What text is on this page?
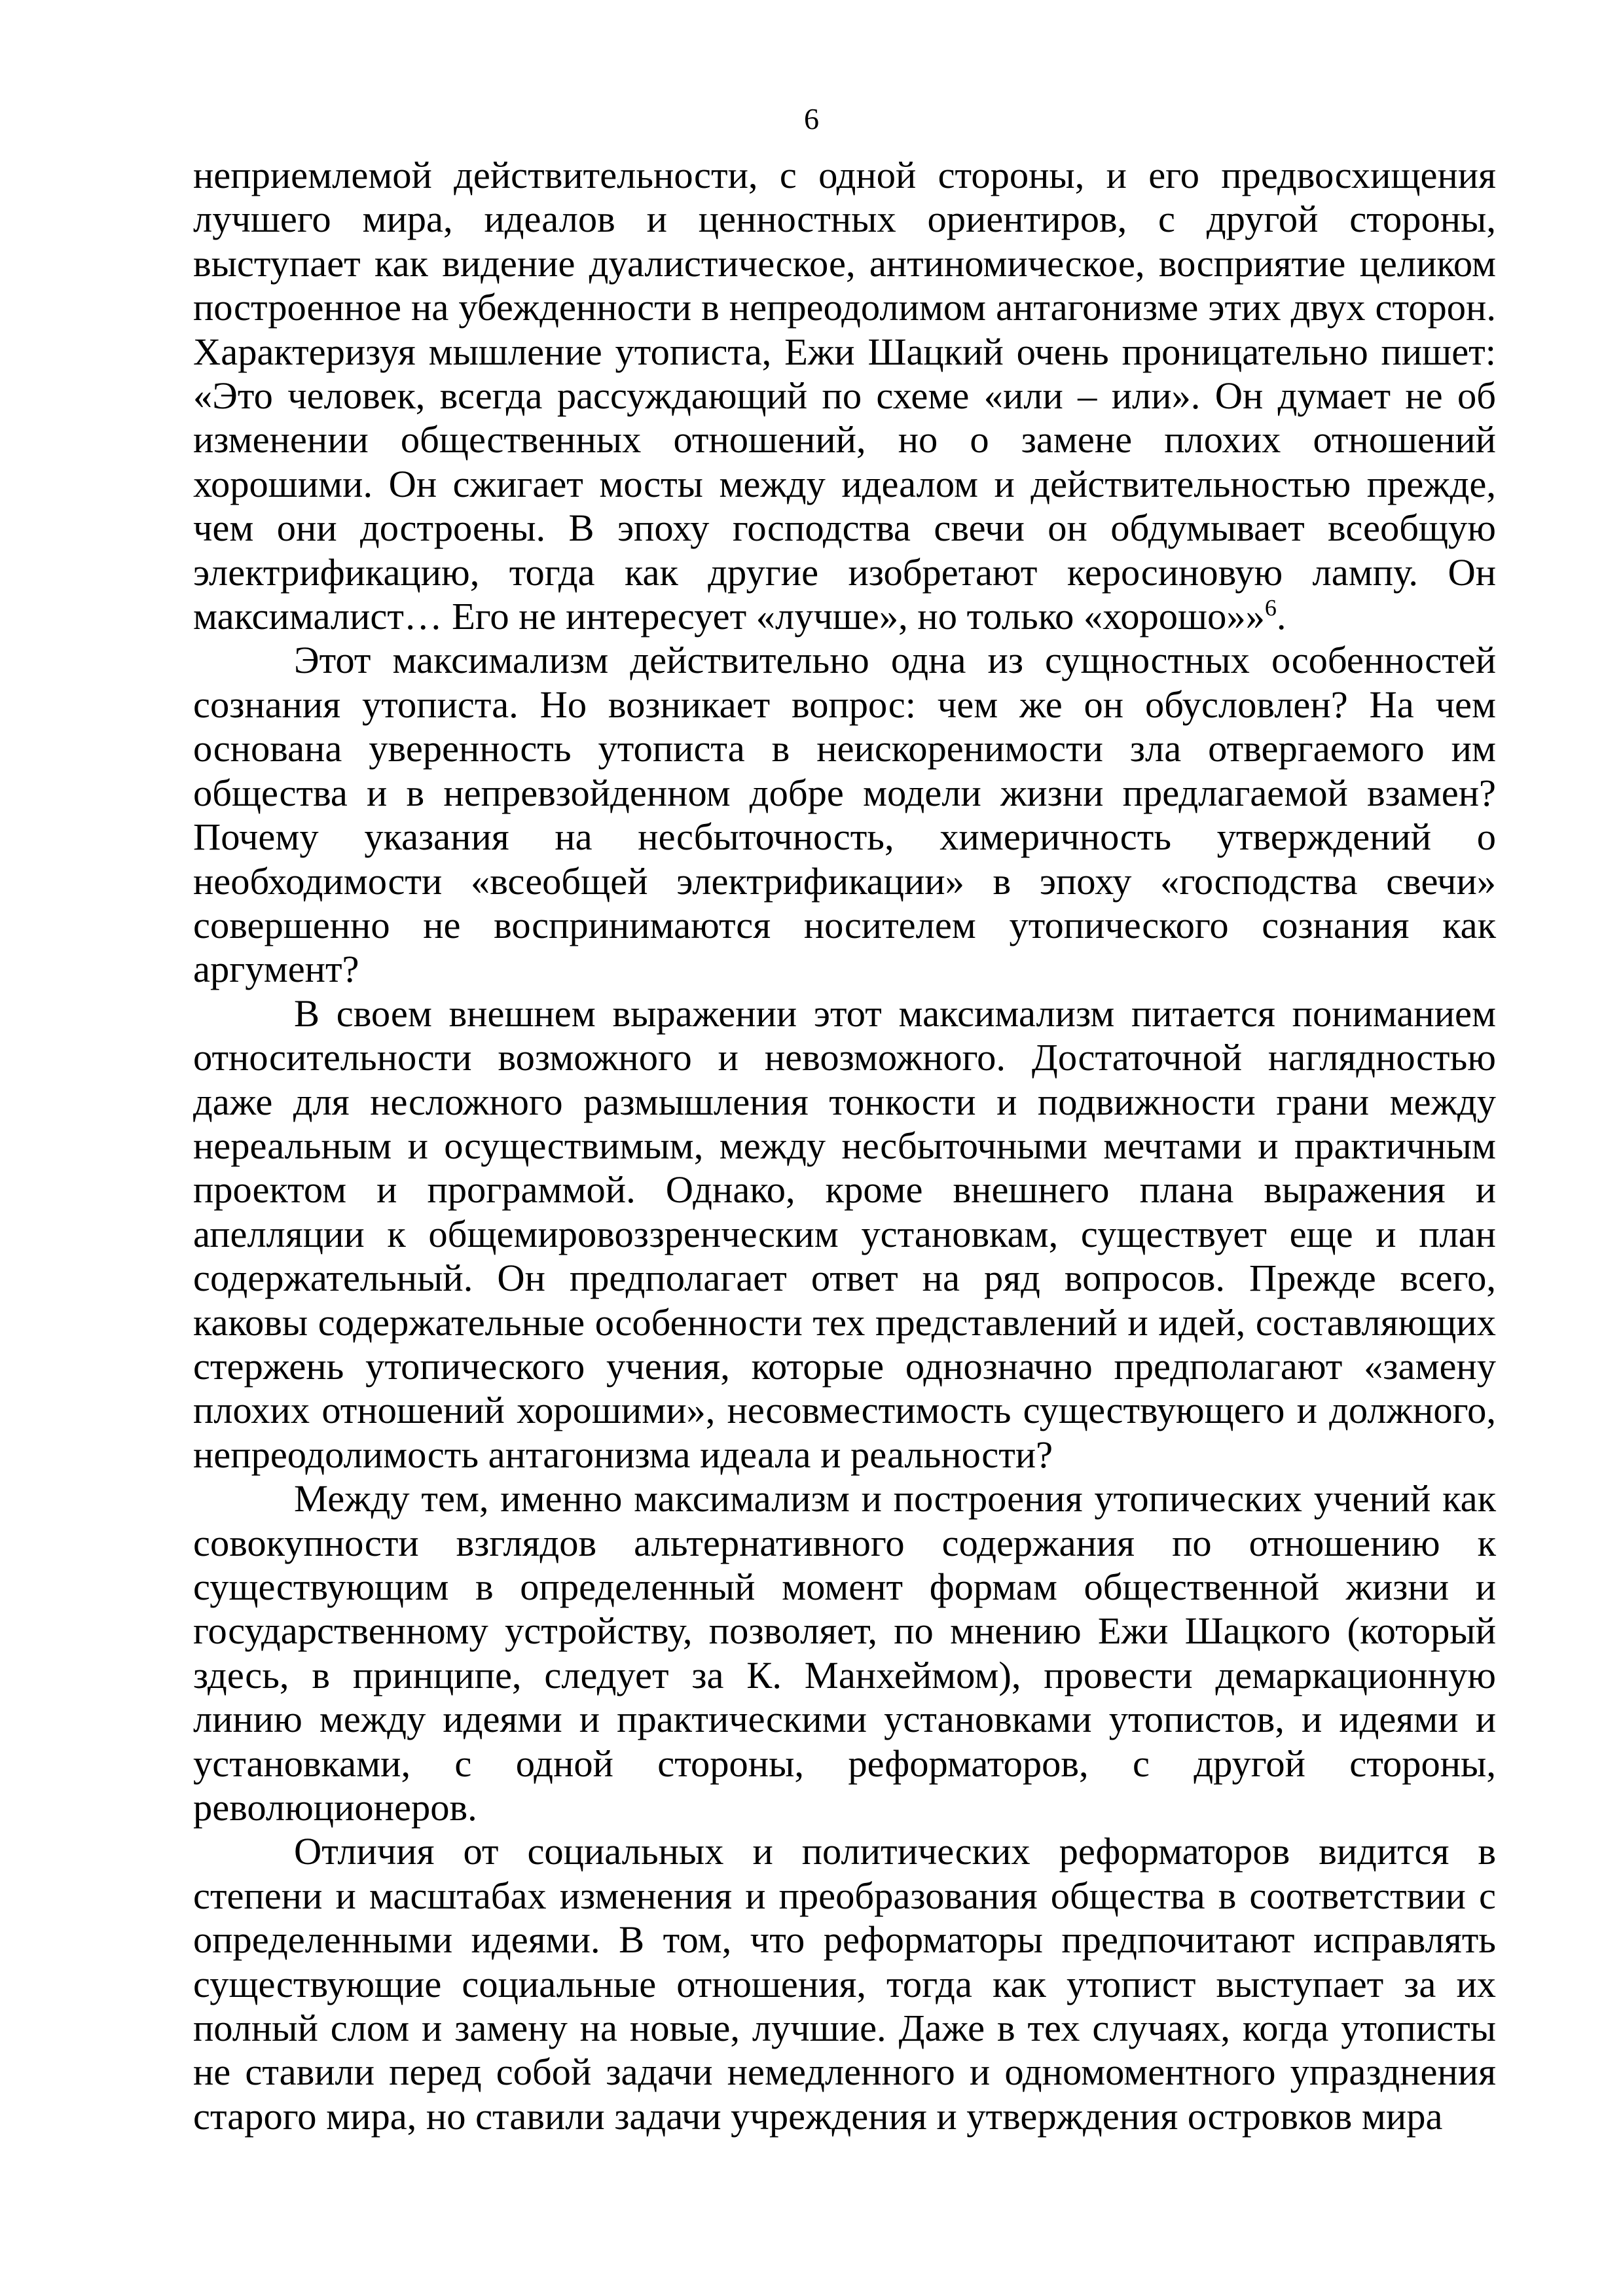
6

неприемлемой действительности, с одной стороны, и его предвосхищения лучшего мира, идеалов и ценностных ориентиров, с другой стороны, выступает как видение дуалистическое, антиномическое, восприятие целиком построенное на убежденности в непреодолимом антагонизме этих двух сторон. Характеризуя мышление утописта, Ежи Шацкий очень проницательно пишет: «Это человек, всегда рассуждающий по схеме «или – или». Он думает не об изменении общественных отношений, но о замене плохих отношений хорошими. Он сжигает мосты между идеалом и действительностью прежде, чем они достроены. В эпоху господства свечи он обдумывает всеобщую электрификацию, тогда как другие изобретают керосиновую лампу. Он максималист… Его не интересует «лучше», но только «хорошо»»$^6$.

Этот максимализм действительно одна из сущностных особенностей сознания утописта. Но возникает вопрос: чем же он обусловлен? На чем основана уверенность утописта в неискоренимости зла отвергаемого им общества и в непревзойденном добре модели жизни предлагаемой взамен? Почему указания на несбыточность, химеричность утверждений о необходимости «всеобщей электрификации» в эпоху «господства свечи» совершенно не воспринимаются носителем утопического сознания как аргумент?

В своем внешнем выражении этот максимализм питается пониманием относительности возможного и невозможного. Достаточной наглядностью даже для несложного размышления тонкости и подвижности грани между нереальным и осуществимым, между несбыточными мечтами и практичным проектом и программой. Однако, кроме внешнего плана выражения и апелляции к общемировоззренческим установкам, существует еще и план содержательный. Он предполагает ответ на ряд вопросов. Прежде всего, каковы содержательные особенности тех представлений и идей, составляющих стержень утопического учения, которые однозначно предполагают «замену плохих отношений хорошими», несовместимость существующего и должного, непреодолимость антагонизма идеала и реальности?

Между тем, именно максимализм и построения утопических учений как совокупности взглядов альтернативного содержания по отношению к существующим в определенный момент формам общественной жизни и государственному устройству, позволяет, по мнению Ежи Шацкого (который здесь, в принципе, следует за К. Манхеймом), провести демаркационную линию между идеями и практическими установками утопистов, и идеями и установками, с одной стороны, реформаторов, с другой стороны, революционеров.

Отличия от социальных и политических реформаторов видится в степени и масштабах изменения и преобразования общества в соответствии с определенными идеями. В том, что реформаторы предпочитают исправлять существующие социальные отношения, тогда как утопист выступает за их полный слом и замену на новые, лучшие. Даже в тех случаях, когда утописты не ставили перед собой задачи немедленного и одномоментного упразднения старого мира, но ставили задачи учреждения и утверждения островков мира
